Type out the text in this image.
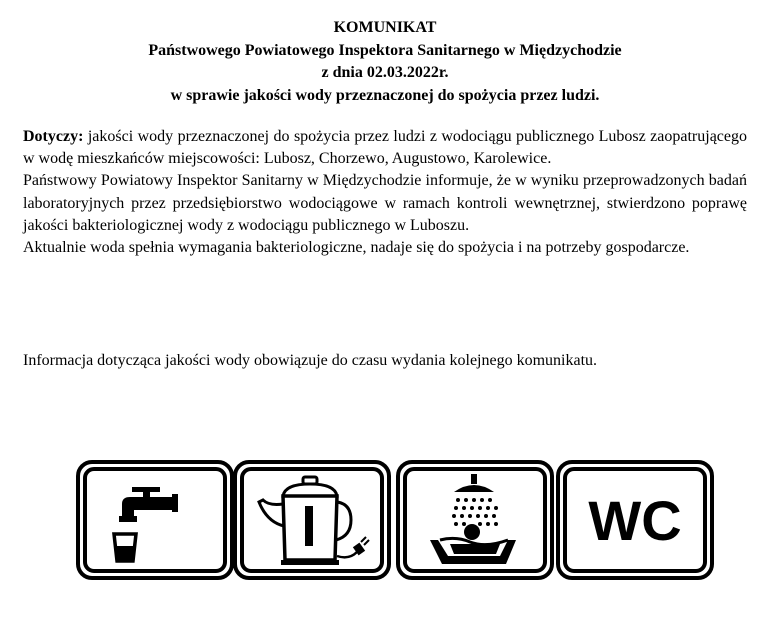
KOMUNIKAT
Państwowego Powiatowego Inspektora Sanitarnego w Międzychodzie
z dnia 02.03.2022r.
w sprawie jakości wody przeznaczonej do spożycia przez ludzi.

Dotyczy: jakości wody przeznaczonej do spożycia przez ludzi z wodociągu publicznego Lubosz zaopatrującego w wodę mieszkańców miejscowości: Lubosz, Chorzewo, Augustowo, Karolewice.

Państwowy Powiatowy Inspektor Sanitarny w Międzychodzie informuje, że w wyniku przeprowadzonych badań laboratoryjnych przez przedsiębiorstwo wodociągowe w ramach kontroli wewnętrznej, stwierdzono poprawę jakości bakteriologicznej wody z wodociągu publicznego w Luboszu.

Aktualnie woda spełnia wymagania bakteriologiczne, nadaje się do spożycia i na potrzeby gospodarcze.

Informacja dotycząca jakości wody obowiązuje do czasu wydania kolejnego komunikatu.
WC
